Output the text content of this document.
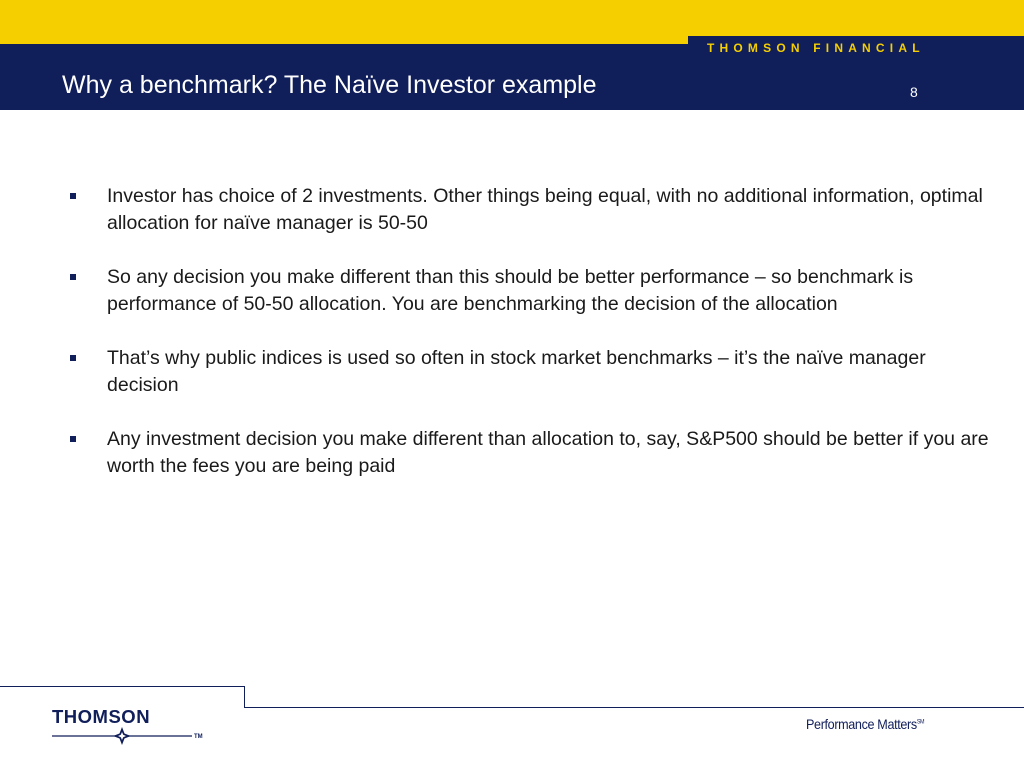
THOMSON FINANCIAL
Why a benchmark? The Naïve Investor example	8
Investor has choice of 2 investments. Other things being equal, with no additional information, optimal allocation for naïve manager is 50-50
So any decision you make different than this should be better performance – so benchmark is performance of 50-50 allocation. You are benchmarking the decision of the allocation
That’s why public indices is used so often in stock market benchmarks – it’s the naïve manager decision
Any investment decision you make different than allocation to, say, S&P500 should be better if you are worth the fees you are being paid
THOMSON
TM
Performance Matters℠
